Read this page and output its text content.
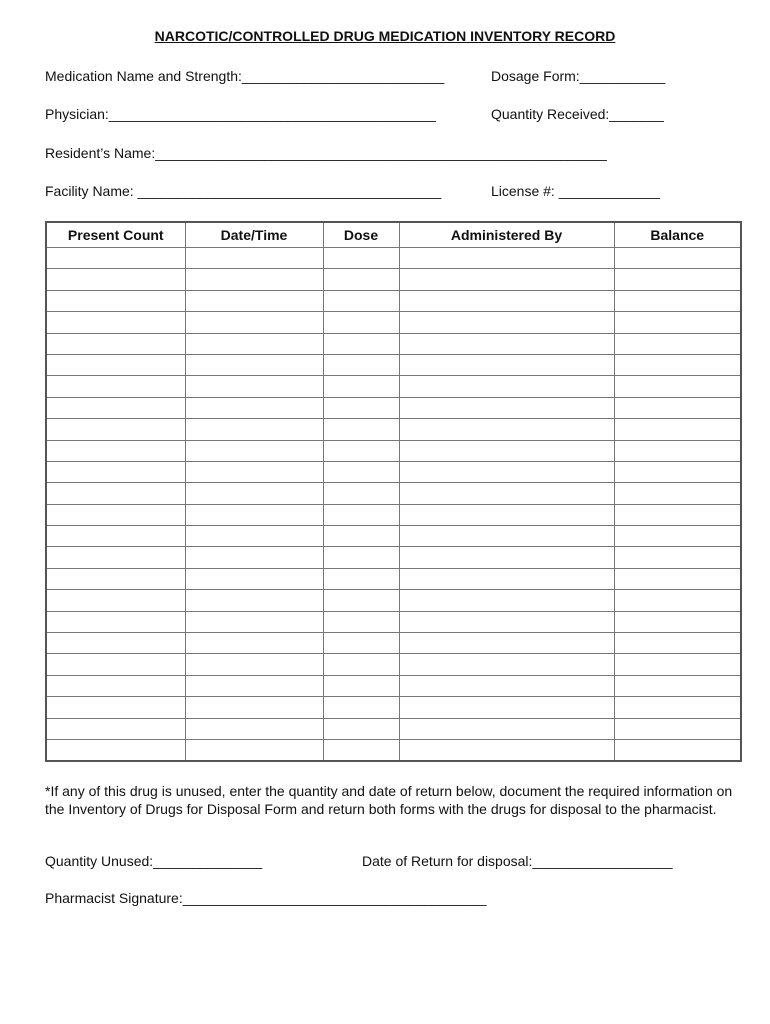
NARCOTIC/CONTROLLED DRUG MEDICATION INVENTORY RECORD
Medication Name and Strength:__________________________	Dosage Form:___________
Physician:__________________________________________	Quantity Received:_______
Resident’s Name:__________________________________________________________
Facility Name: _______________________________________	License #: _____________
Present Count	Date/Time	Dose	Administered By	Balance

*If any of this drug is unused, enter the quantity and date of return below, document the required information on the Inventory of Drugs for Disposal Form and return both forms with the drugs for disposal to the pharmacist.
Quantity Unused:______________	Date of Return for disposal:__________________
Pharmacist Signature:_______________________________________
